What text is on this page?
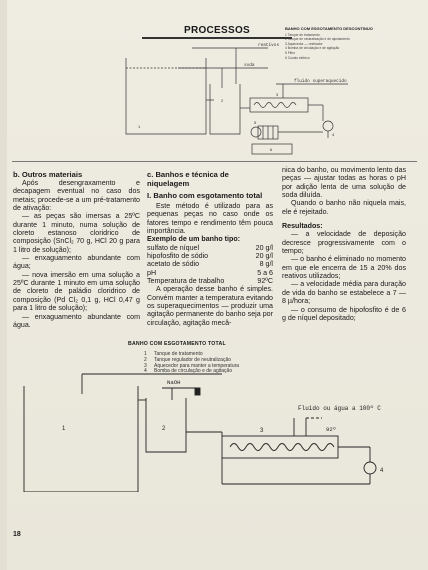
PROCESSOS	BANHO COM ESGOTAMENTO DESCONTÍNUO
1 Tanque de tratamento
2 Tanque de neutralização e de ajustamento
3 Aquecedor — resfriador
4 Bomba de circulação e de agitação
5 Filtro
6 Cuvalo eletrico
reativos
soda
fluido superaquecido
1
2
3
4
5
6

b. Outros materiais

Após desengraxamento e decapagem eventual no caso dos metais; procede-se a um pré-tratamento de ativação:

— as peças são imersas a 25ºC durante 1 minuto, numa solução de cloreto estanoso cloridrico de composição (SnCl₂ 70 g, HCl 20 g para 1 litro de solução);

— enxaguamento abundante com água;

— nova imersão em uma solução a 25ºC durante 1 minuto em uma solução de cloreto de paládio cloridrico de composição (Pd Cl₂ 0,1 g, HCl 0,47 g para 1 litro de solução);

— enxaguamento abundante com água.

c. Banhos e técnica de niquelagem

I. Banho com esgotamento total

Este método é utilizado para as pequenas peças no caso onde os fatores tempo e rendimento têm pouca importância.

Exemplo de um banho tipo:

sulfato de níquel	20 g/l
hipofosfito de sódio	20 g/l
acetato de sódio	8 g/l
pH	5 a 6
Temperatura de trabalho	92ºC

A operação desse banho é simples. Convém manter a temperatura evitando os superaquecimentos — produzir uma agitação permanente do banho seja por circulação, agitação mecâ-

nica do banho, ou movimento lento das peças — ajustar todas as horas o pH por adição lenta de uma solução de soda diluída.

Quando o banho não niquela mais, ele é rejeitado.

Resultados:

— a velocidade de deposição decresce progressivamente com o tempo;

— o banho é eliminado no momento em que ele encerra de 15 a 20% dos reativos utilizados;

— a velocidade média para duração de vida do banho se estabelece a 7 — 8 µ/hora;

— o consumo de hipofosfito é de 6 g de níquel depositado;

BANHO COM ESGOTAMENTO TOTAL
1 Tanque de tratamento
2 Tanque regulador de neutralização
3 Aquecedor para manter a temperatura
4 Bomba de circulação e de agitação
NaOH
Fluido ou água a 100º C
92º
1	2	3
4
18
